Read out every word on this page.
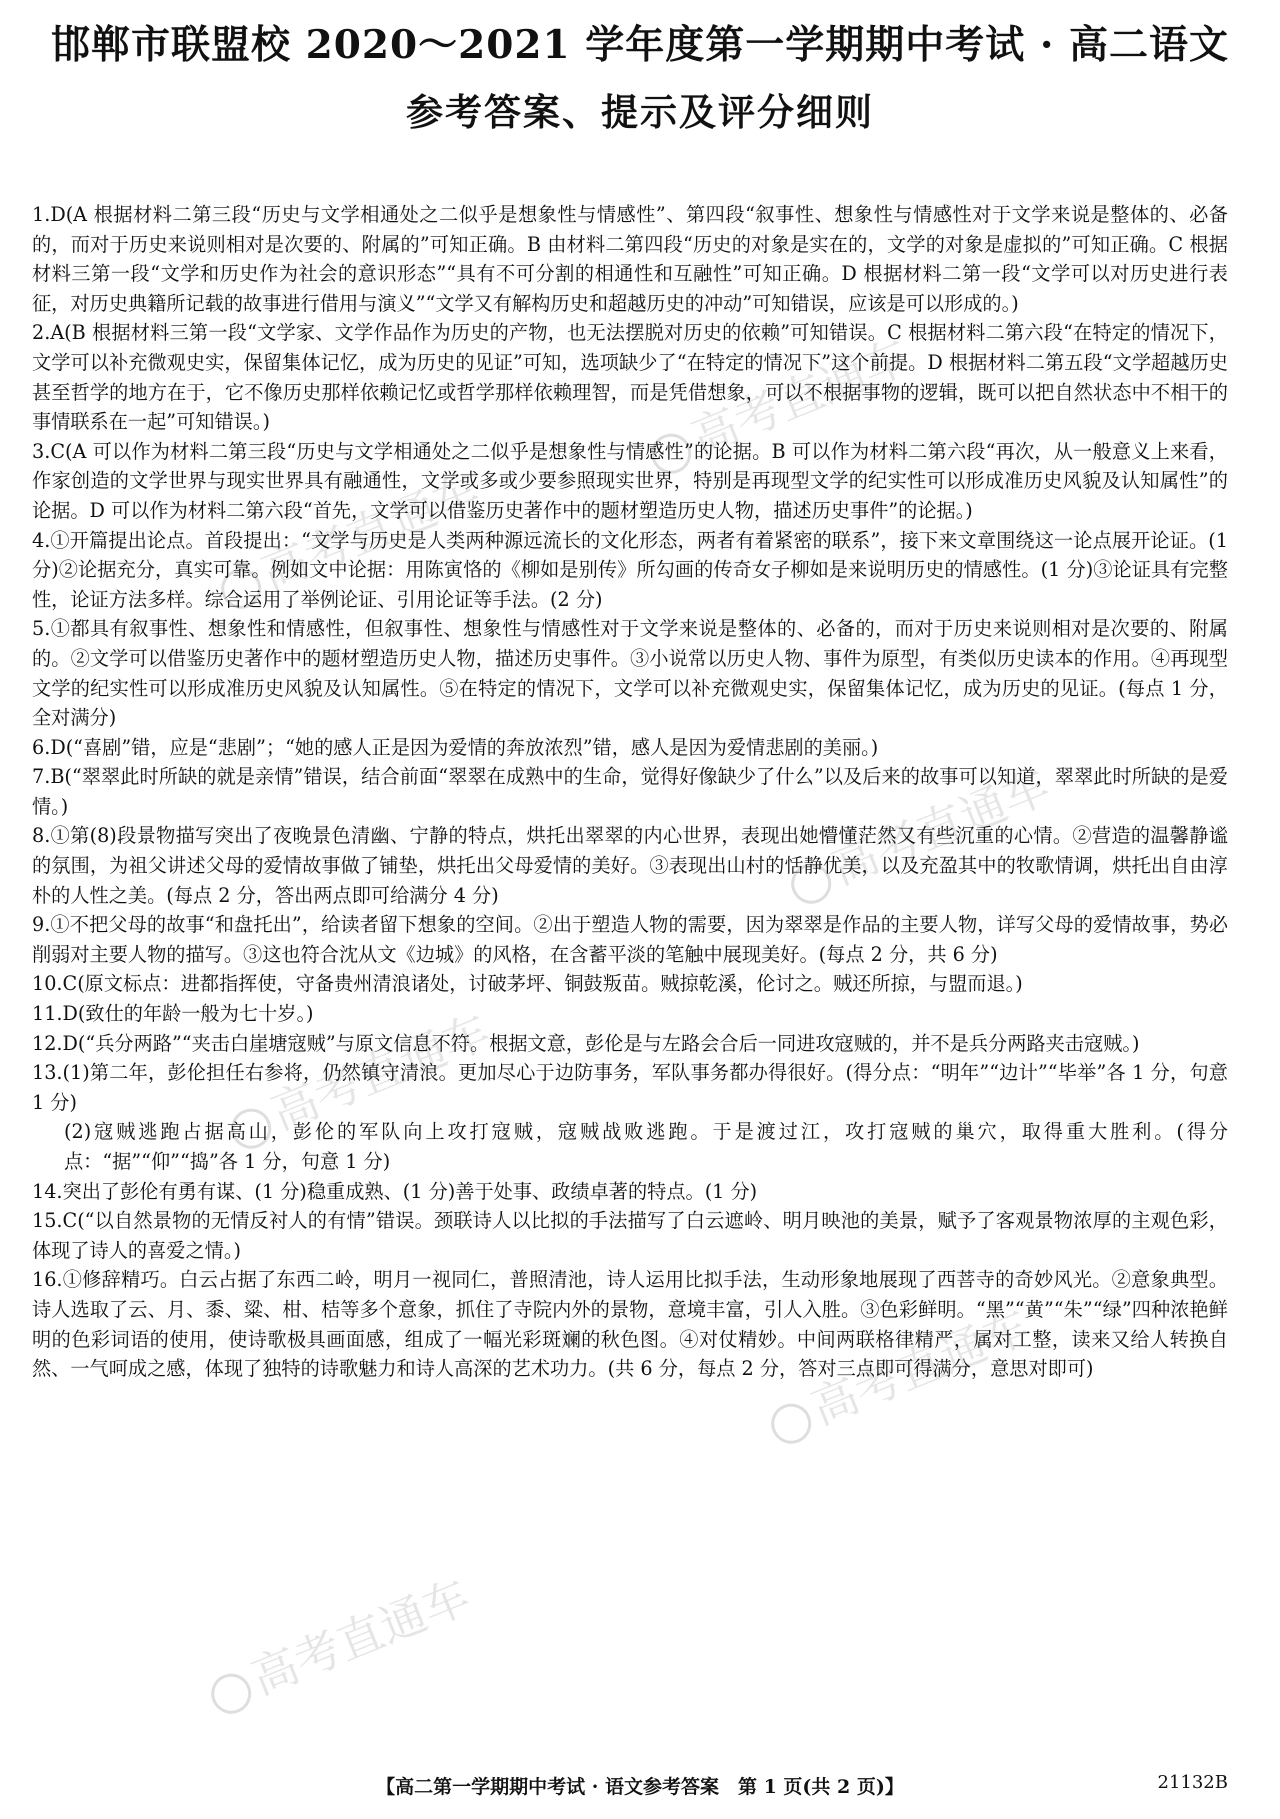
邯郸市联盟校 2020～2021 学年度第一学期期中考试 · 高二语文
参考答案、提示及评分细则
高考直通车
高考直通车
高考直通车
高考直通车
高考直通车
高考直通车

1.D(A 根据材料二第三段“历史与文学相通处之二似乎是想象性与情感性”、第四段“叙事性、想象性与情感性对于文学来说是整体的、必备的，而对于历史来说则相对是次要的、附属的”可知正确。B 由材料二第四段“历史的对象是实在的，文学的对象是虚拟的”可知正确。C 根据材料三第一段“文学和历史作为社会的意识形态”“具有不可分割的相通性和互融性”可知正确。D 根据材料二第一段“文学可以对历史进行表征，对历史典籍所记载的故事进行借用与演义”“文学又有解构历史和超越历史的冲动”可知错误，应该是可以形成的。)

2.A(B 根据材料三第一段“文学家、文学作品作为历史的产物，也无法摆脱对历史的依赖”可知错误。C 根据材料二第六段“在特定的情况下，文学可以补充微观史实，保留集体记忆，成为历史的见证”可知，选项缺少了“在特定的情况下”这个前提。D 根据材料二第五段“文学超越历史甚至哲学的地方在于，它不像历史那样依赖记忆或哲学那样依赖理智，而是凭借想象，可以不根据事物的逻辑，既可以把自然状态中不相干的事情联系在一起”可知错误。)

3.C(A 可以作为材料二第三段“历史与文学相通处之二似乎是想象性与情感性”的论据。B 可以作为材料二第六段“再次，从一般意义上来看，作家创造的文学世界与现实世界具有融通性，文学或多或少要参照现实世界，特别是再现型文学的纪实性可以形成准历史风貌及认知属性”的论据。D 可以作为材料二第六段“首先，文学可以借鉴历史著作中的题材塑造历史人物，描述历史事件”的论据。)

4.①开篇提出论点。首段提出：“文学与历史是人类两种源远流长的文化形态，两者有着紧密的联系”，接下来文章围绕这一论点展开论证。(1 分)②论据充分，真实可靠。例如文中论据：用陈寅恪的《柳如是别传》所勾画的传奇女子柳如是来说明历史的情感性。(1 分)③论证具有完整性，论证方法多样。综合运用了举例论证、引用论证等手法。(2 分)

5.①都具有叙事性、想象性和情感性，但叙事性、想象性与情感性对于文学来说是整体的、必备的，而对于历史来说则相对是次要的、附属的。②文学可以借鉴历史著作中的题材塑造历史人物，描述历史事件。③小说常以历史人物、事件为原型，有类似历史读本的作用。④再现型文学的纪实性可以形成准历史风貌及认知属性。⑤在特定的情况下，文学可以补充微观史实，保留集体记忆，成为历史的见证。(每点 1 分，全对满分)

6.D(“喜剧”错，应是“悲剧”；“她的感人正是因为爱情的奔放浓烈”错，感人是因为爱情悲剧的美丽。)

7.B(“翠翠此时所缺的就是亲情”错误，结合前面“翠翠在成熟中的生命，觉得好像缺少了什么”以及后来的故事可以知道，翠翠此时所缺的是爱情。)

8.①第(8)段景物描写突出了夜晚景色清幽、宁静的特点，烘托出翠翠的内心世界，表现出她懵懂茫然又有些沉重的心情。②营造的温馨静谧的氛围，为祖父讲述父母的爱情故事做了铺垫，烘托出父母爱情的美好。③表现出山村的恬静优美，以及充盈其中的牧歌情调，烘托出自由淳朴的人性之美。(每点 2 分，答出两点即可给满分 4 分)

9.①不把父母的故事“和盘托出”，给读者留下想象的空间。②出于塑造人物的需要，因为翠翠是作品的主要人物，详写父母的爱情故事，势必削弱对主要人物的描写。③这也符合沈从文《边城》的风格，在含蓄平淡的笔触中展现美好。(每点 2 分，共 6 分)

10.C(原文标点：进都指挥使，守备贵州清浪诸处，讨破茅坪、铜鼓叛苗。贼掠乾溪，伦讨之。贼还所掠，与盟而退。)

11.D(致仕的年龄一般为七十岁。)

12.D(“兵分两路”“夹击白崖塘寇贼”与原文信息不符。根据文意，彭伦是与左路会合后一同进攻寇贼的，并不是兵分两路夹击寇贼。)

13.(1)第二年，彭伦担任右参将，仍然镇守清浪。更加尽心于边防事务，军队事务都办得很好。(得分点：“明年”“边计”“毕举”各 1 分，句意 1 分)

(2)寇贼逃跑占据高山，彭伦的军队向上攻打寇贼，寇贼战败逃跑。于是渡过江，攻打寇贼的巢穴，取得重大胜利。(得分点：“据”“仰”“捣”各 1 分，句意 1 分)

14.突出了彭伦有勇有谋、(1 分)稳重成熟、(1 分)善于处事、政绩卓著的特点。(1 分)

15.C(“以自然景物的无情反衬人的有情”错误。颈联诗人以比拟的手法描写了白云遮岭、明月映池的美景，赋予了客观景物浓厚的主观色彩，体现了诗人的喜爱之情。)

16.①修辞精巧。白云占据了东西二岭，明月一视同仁，普照清池，诗人运用比拟手法，生动形象地展现了西菩寺的奇妙风光。②意象典型。诗人选取了云、月、黍、粱、柑、桔等多个意象，抓住了寺院内外的景物，意境丰富，引人入胜。③色彩鲜明。“黑”“黄”“朱”“绿”四种浓艳鲜明的色彩词语的使用，使诗歌极具画面感，组成了一幅光彩斑斓的秋色图。④对仗精妙。中间两联格律精严，属对工整，读来又给人转换自然、一气呵成之感，体现了独特的诗歌魅力和诗人高深的艺术功力。(共 6 分，每点 2 分，答对三点即可得满分，意思对即可)

【高二第一学期期中考试 · 语文参考答案　第 1 页(共 2 页)】	21132B
